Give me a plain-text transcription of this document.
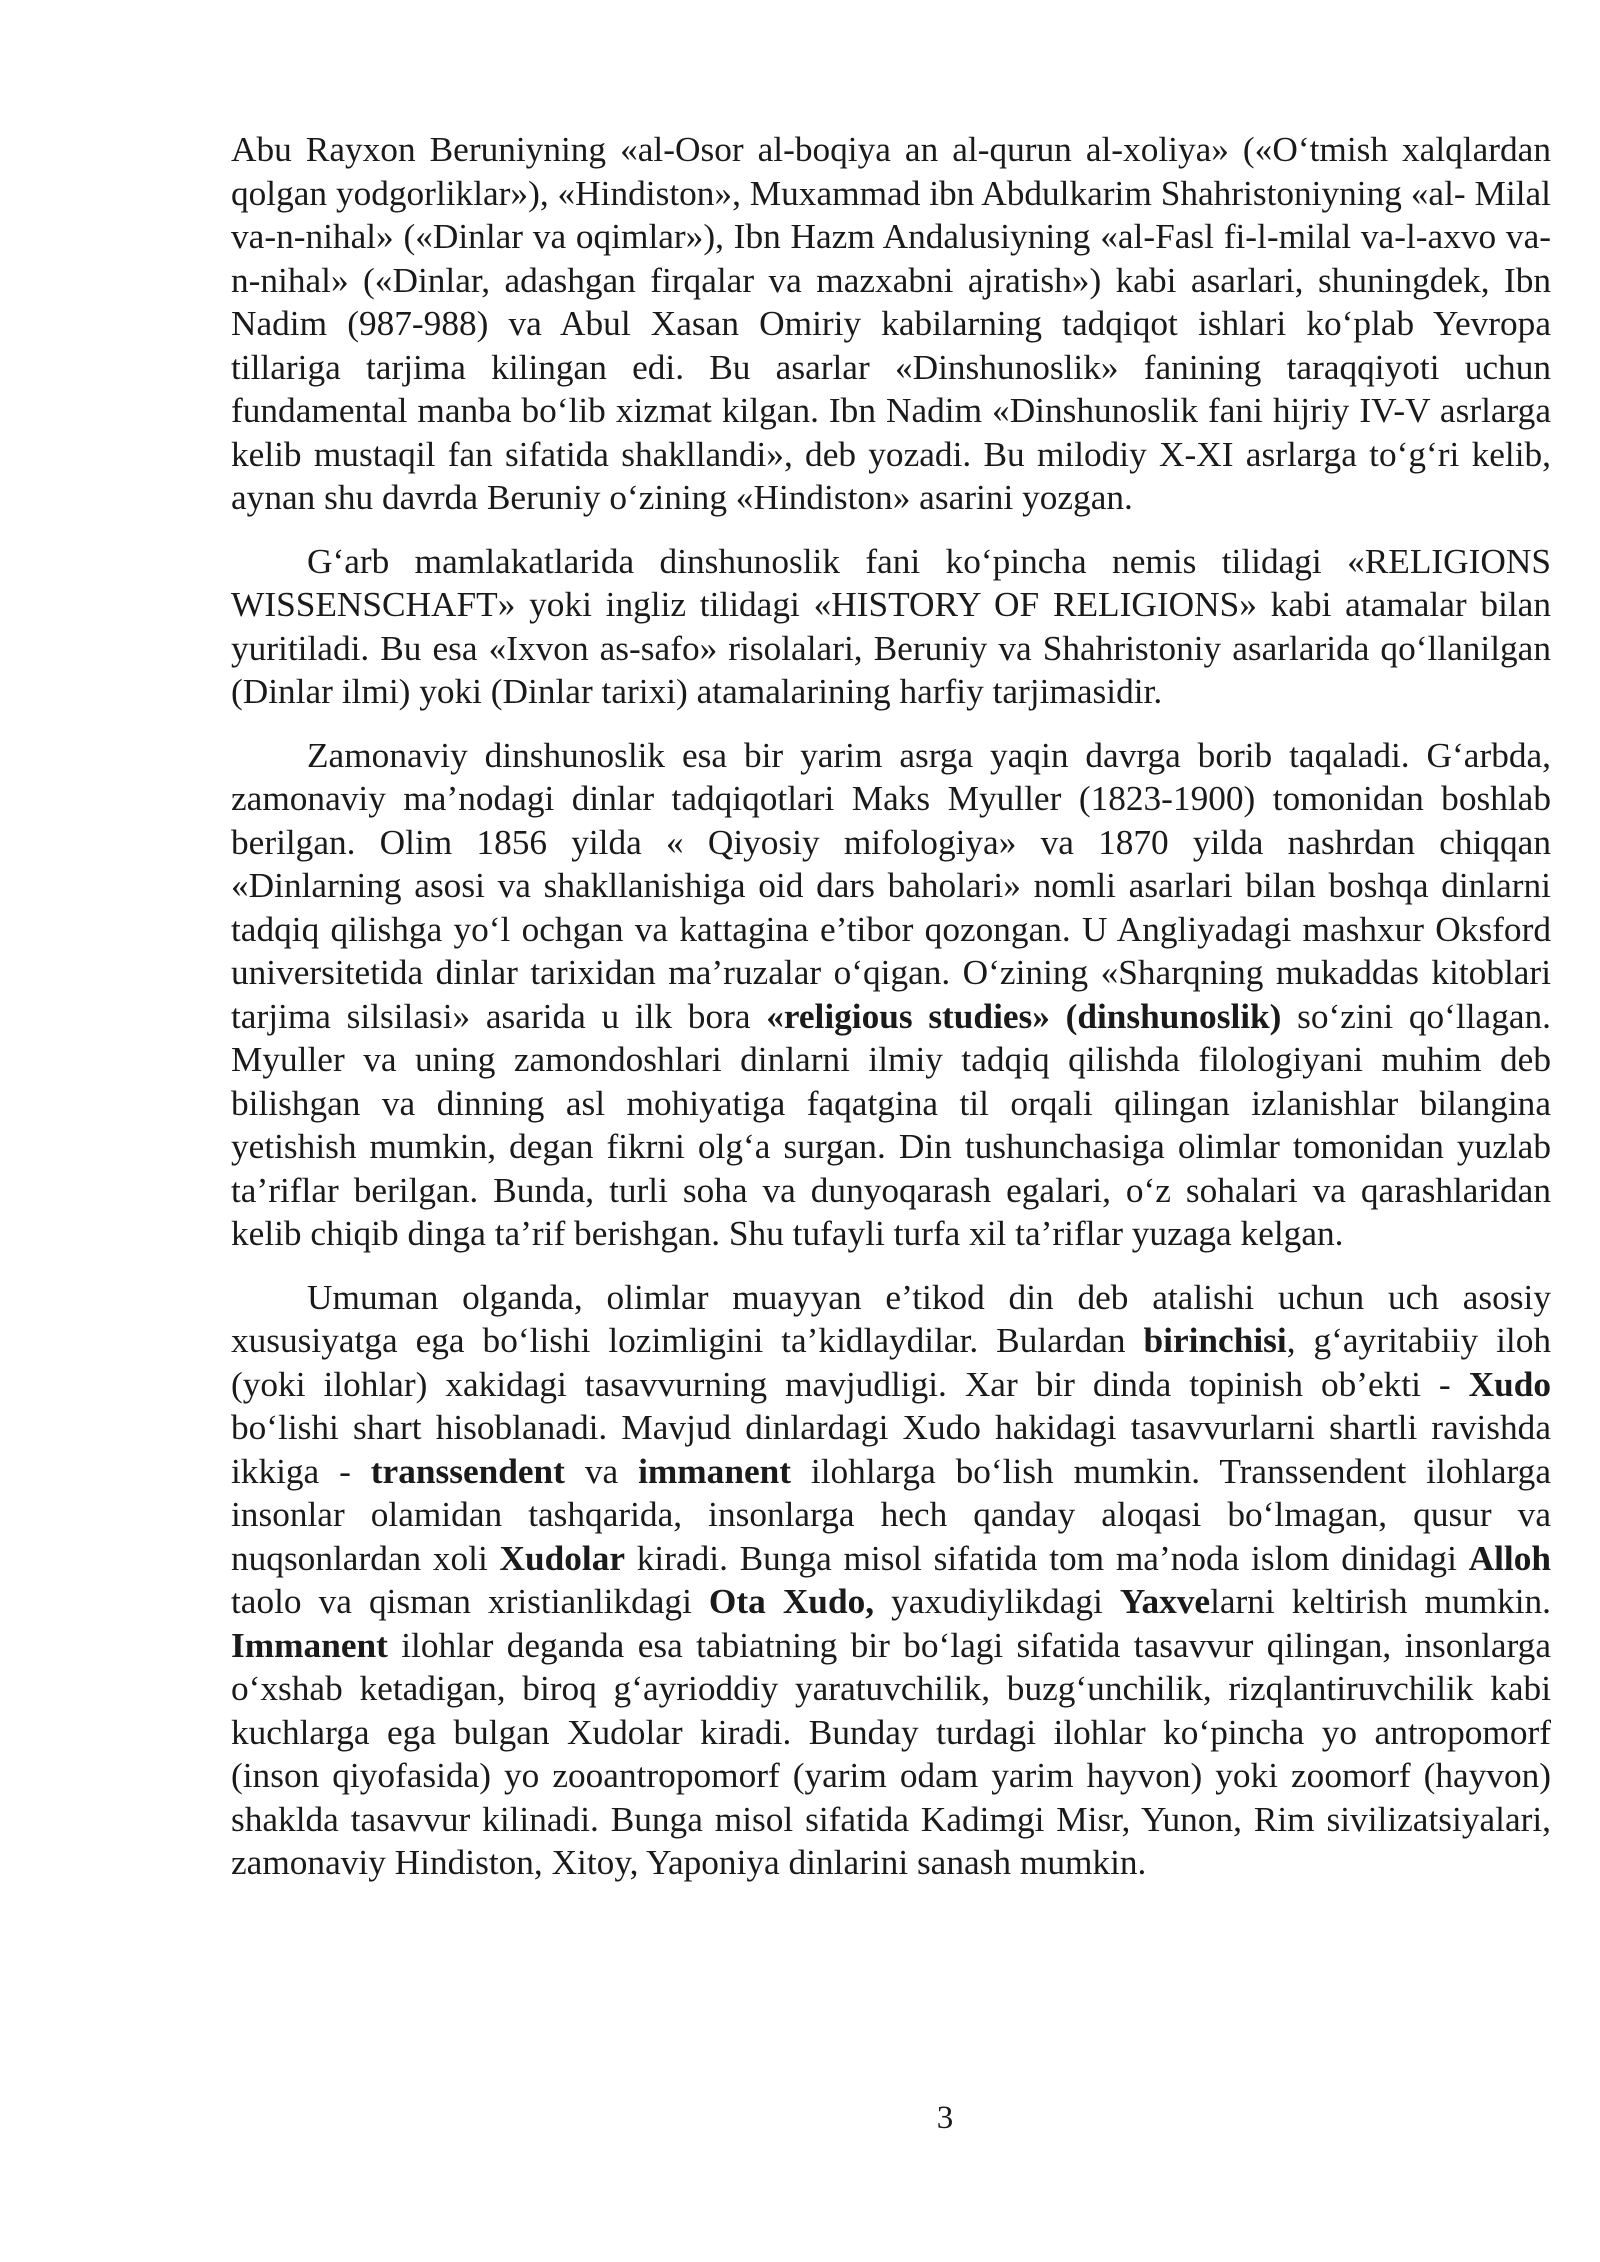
Abu Rayxon Beruniyning «al-Osor al-boqiya an al-qurun al-xoliya» («O‘tmish xalqlardan qolgan yodgorliklar»), «Hindiston», Muxammad ibn Abdulkarim Shahristoniyning «al- Milal va-n-nihal» («Dinlar va oqimlar»), Ibn Hazm Andalusiyning «al-Fasl fi-l-milal va-l-axvo va-n-nihal» («Dinlar, adashgan firqalar va mazxabni ajratish») kabi asarlari, shuningdek, Ibn Nadim (987-988) va Abul Xasan Omiriy kabilarning tadqiqot ishlari ko‘plab Yevropa tillariga tarjima kilingan edi. Bu asarlar «Dinshunoslik» fanining taraqqiyoti uchun fundamental manba bo‘lib xizmat kilgan. Ibn Nadim «Dinshunoslik fani hijriy IV-V asrlarga kelib mustaqil fan sifatida shakllandi», deb yozadi. Bu milodiy X-XI asrlarga to‘g‘ri kelib, aynan shu davrda Beruniy o‘zining «Hindiston» asarini yozgan.

G‘arb mamlakatlarida dinshunoslik fani ko‘pincha nemis tilidagi «RELIGIONS WISSENSCHAFT» yoki ingliz tilidagi «HISTORY OF RELIGIONS» kabi atamalar bilan yuritiladi. Bu esa «Ixvon as-safo» risolalari, Beruniy va Shahristoniy asarlarida qo‘llanilgan (Dinlar ilmi) yoki (Dinlar tarixi) atamalarining harfiy tarjimasidir.

Zamonaviy dinshunoslik esa bir yarim asrga yaqin davrga borib taqaladi. G‘arbda, zamonaviy ma’nodagi dinlar tadqiqotlari Maks Myuller (1823-1900) tomonidan boshlab berilgan. Olim 1856 yilda « Qiyosiy mifologiya» va 1870 yilda nashrdan chiqqan «Dinlarning asosi va shakllanishiga oid dars baholari» nomli asarlari bilan boshqa dinlarni tadqiq qilishga yo‘l ochgan va kattagina e’tibor qozongan. U Angliyadagi mashxur Oksford universitetida dinlar tarixidan ma’ruzalar o‘qigan. O‘zining «Sharqning mukaddas kitoblari tarjima silsilasi» asarida u ilk bora «religious studies» (dinshunoslik) so‘zini qo‘llagan. Myuller va uning zamondoshlari dinlarni ilmiy tadqiq qilishda filologiyani muhim deb bilishgan va dinning asl mohiyatiga faqatgina til orqali qilingan izlanishlar bilangina yetishish mumkin, degan fikrni olg‘a surgan. Din tushunchasiga olimlar tomonidan yuzlab ta’riflar berilgan. Bunda, turli soha va dunyoqarash egalari, o‘z sohalari va qarashlaridan kelib chiqib dinga ta’rif berishgan. Shu tufayli turfa xil ta’riflar yuzaga kelgan.

Umuman olganda, olimlar muayyan e’tikod din deb atalishi uchun uch asosiy xususiyatga ega bo‘lishi lozimligini ta’kidlaydilar. Bulardan birinchisi, g‘ayritabiiy iloh (yoki ilohlar) xakidagi tasavvurning mavjudligi. Xar bir dinda topinish ob’ekti - Xudo bo‘lishi shart hisoblanadi. Mavjud dinlardagi Xudo hakidagi tasavvurlarni shartli ravishda ikkiga - transsendent va immanent ilohlarga bo‘lish mumkin. Transsendent ilohlarga insonlar olamidan tashqarida, insonlarga hech qanday aloqasi bo‘lmagan, qusur va nuqsonlardan xoli Xudolar kiradi. Bunga misol sifatida tom ma’noda islom dinidagi Alloh taolo va qisman xristianlikdagi Ota Xudo, yaxudiylikdagi Yaxvelarni keltirish mumkin. Immanent ilohlar deganda esa tabiatning bir bo‘lagi sifatida tasavvur qilingan, insonlarga o‘xshab ketadigan, biroq g‘ayrioddiy yaratuvchilik, buzg‘unchilik, rizqlantiruvchilik kabi kuchlarga ega bulgan Xudolar kiradi. Bunday turdagi ilohlar ko‘pincha yo antropomorf (inson qiyofasida) yo zooantropomorf (yarim odam yarim hayvon) yoki zoomorf (hayvon) shaklda tasavvur kilinadi. Bunga misol sifatida Kadimgi Misr, Yunon, Rim sivilizatsiyalari, zamonaviy Hindiston, Xitoy, Yaponiya dinlarini sanash mumkin.

3
